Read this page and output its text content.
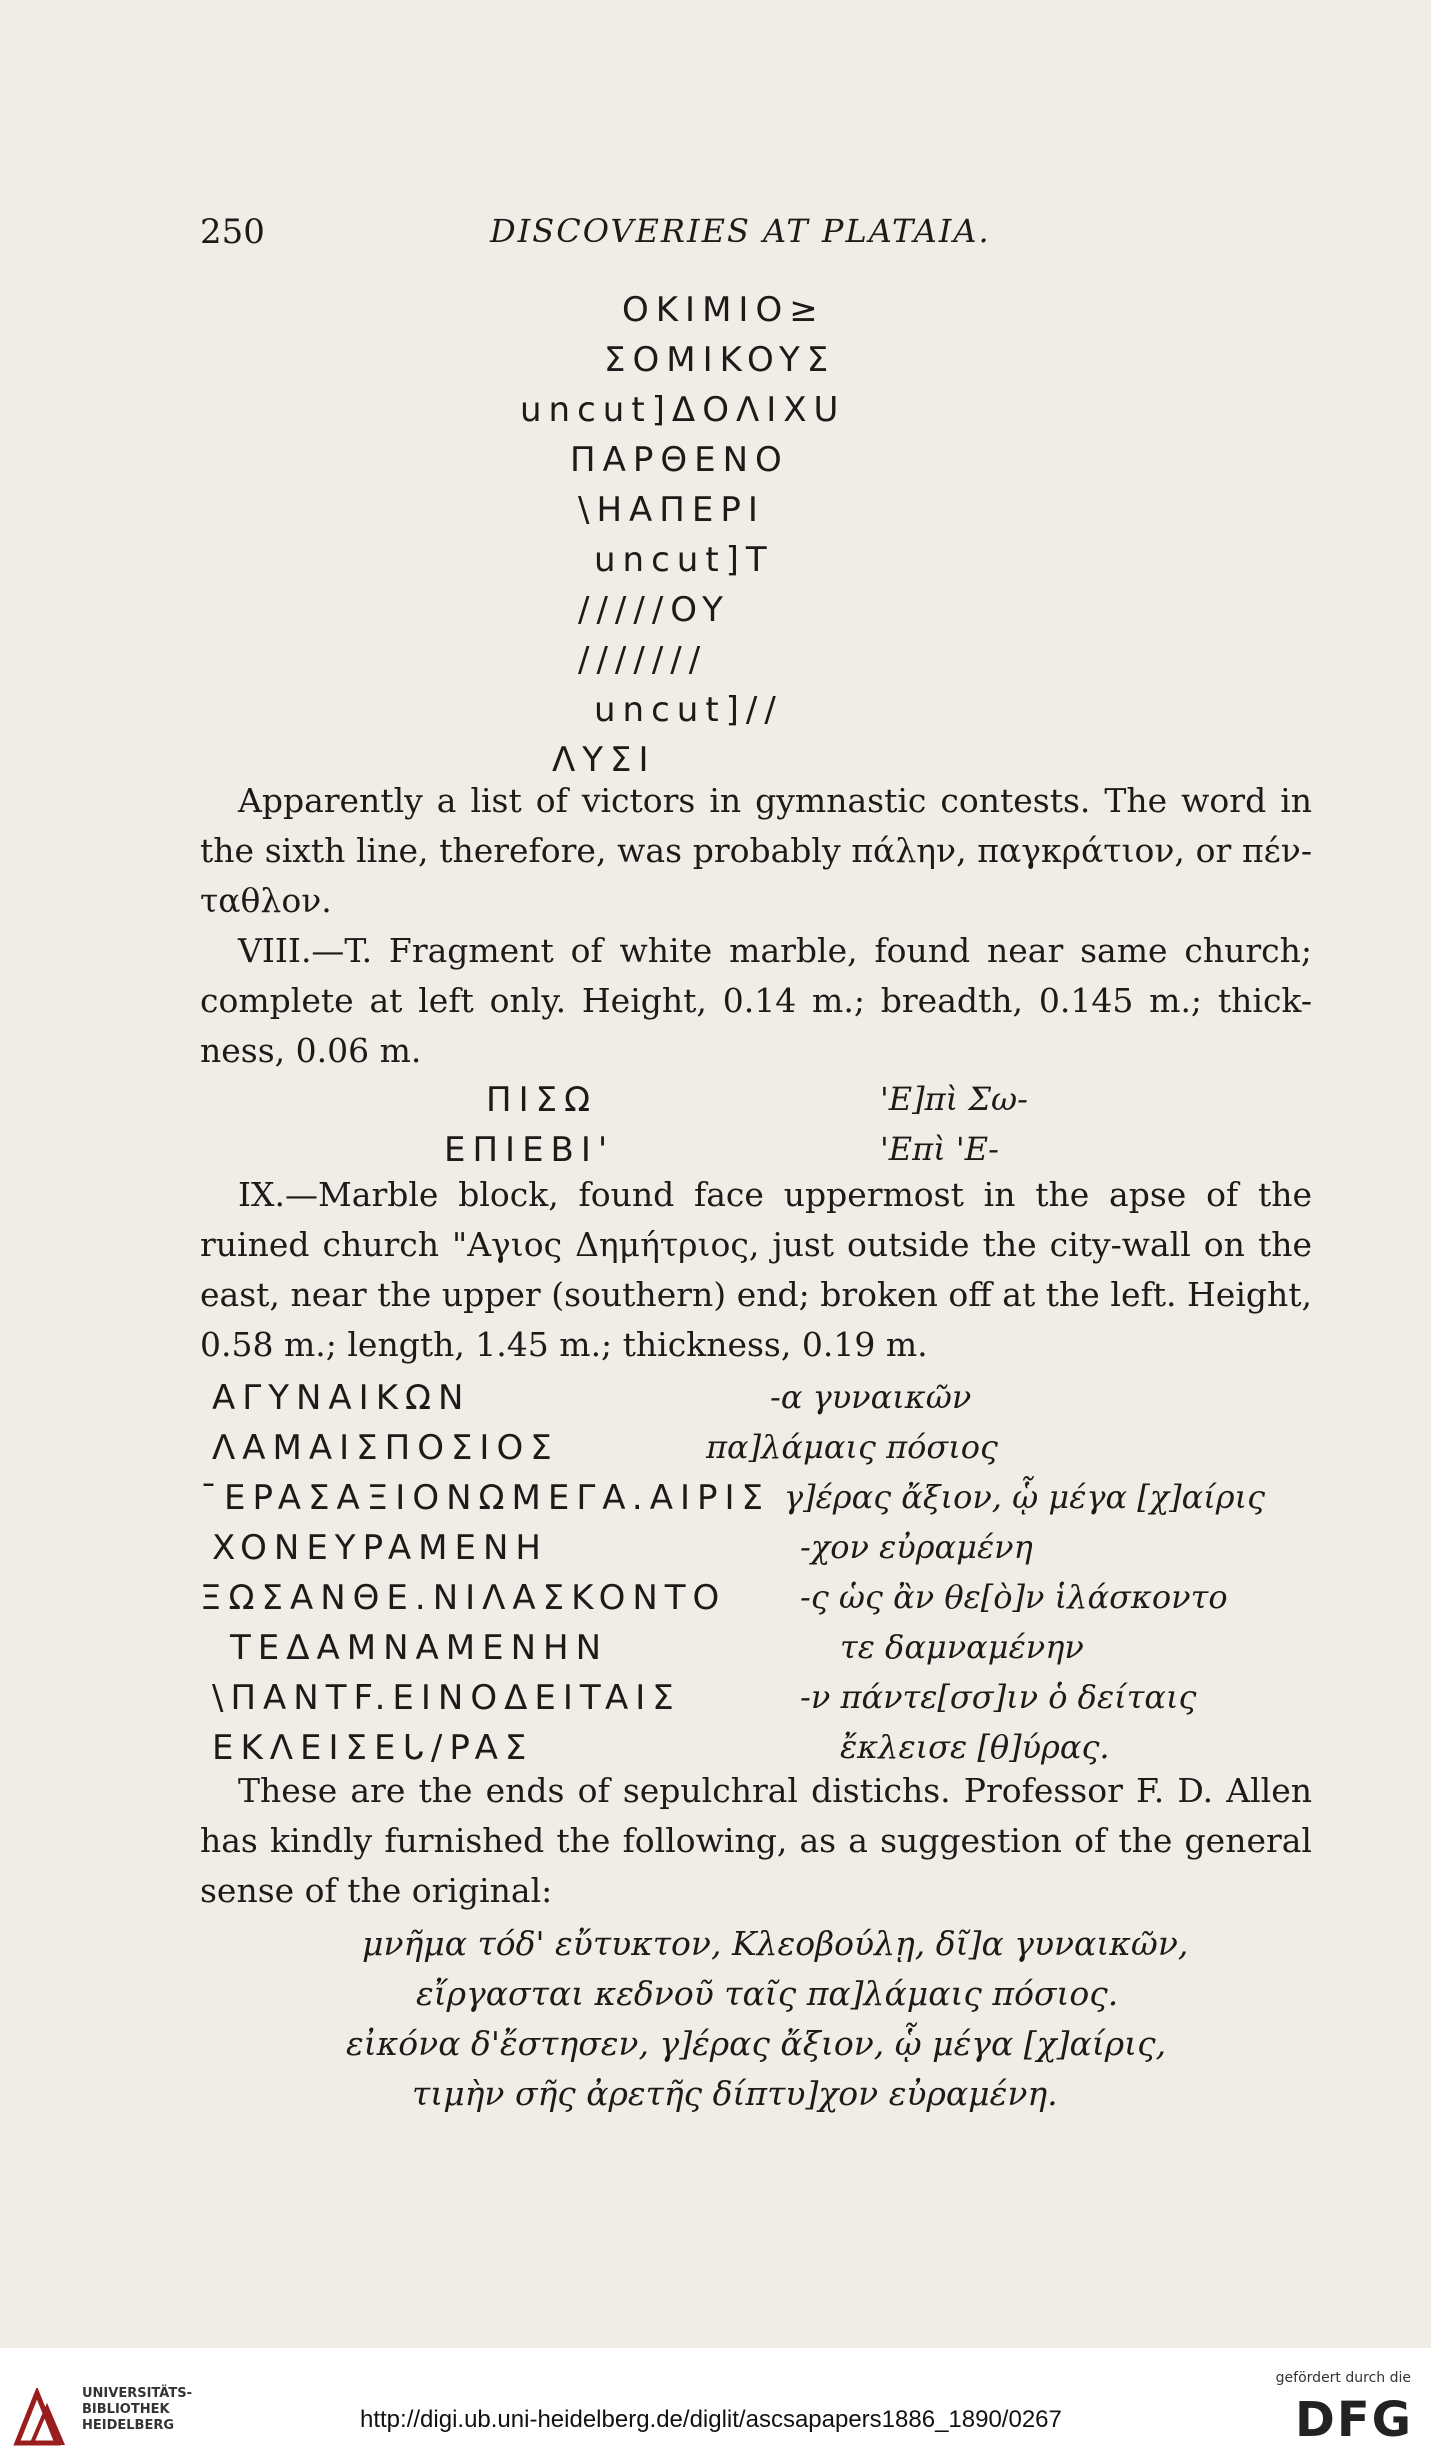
250	DISCOVERIES AT PLATAIA.
OKIMIO≥
ΣOMIKOYΣ
uncut]ΔOΛIXᑌ
ΠAΡΘENO
\HAΠEPI
uncut]T
/////OY
///////
uncut]//
ΛYΣI

Apparently a list of victors in gymnastic contests. The word in the sixth line, therefore, was probably πάλην, παγκράτιον, or πέν-ταθλον.

VIII.—T. Fragment of white marble, found near same church; complete at left only. Height, 0.14 m.; breadth, 0.145 m.; thick-ness, 0.06 m.

ΠIΣΩ	'Ε]πὶ Σω-
EΠIEBI'	'Επὶ 'Ε-

IX.—Marble block, found face uppermost in the apse of the ruined church "Αγιος Δημήτριος, just outside the city-wall on the east, near the upper (southern) end; broken off at the left. Height, 0.58 m.; length, 1.45 m.; thickness, 0.19 m.

AΓYNAIKΩN	-α γυναικῶν
ΛAMAIΣΠOΣIOΣ	πα]λάμαις πόσιος
¯EPAΣAΞIONΩMEΓA.AIPIΣ γ]έρας ἄξιον, ᾧ μέγα [χ]αίρις
XONEYPAMENH	-χον εὐραμένη
ΞΩΣANΘE.NIΛAΣKONTO -ς ὡς ἂν θε[ὸ]ν ἱλάσκοντο
TEΔAMNAMENHN	τε δαμναμένην
\ΠANTF.EINOΔEITAIΣ	-ν πάντε[σσ]ιν ὁ δείταις
EKΛEIΣEᒐ/PAΣ	ἔκλεισε [θ]ύρας.

These are the ends of sepulchral distichs. Professor F. D. Allen has kindly furnished the following, as a suggestion of the general sense of the original:

μνῆμα τόδ' εὔτυκτον, Κλεοβούλῃ, δῖ]α γυναικῶν,
εἴργασται κεδνοῦ ταῖς πα]λάμαις πόσιος.
εἰκόνα δ'ἔστησεν, γ]έρας ἄξιον, ᾧ μέγα [χ]αίρις,
τιμὴν σῆς ἀρετῆς δίπτυ]χον εὐραμένη.
UNIVERSITÄTS-
BIBLIOTHEK
HEIDELBERG	http://digi.ub.uni-heidelberg.de/diglit/ascsapapers1886_1890/0267
gefördert durch die
DFG
